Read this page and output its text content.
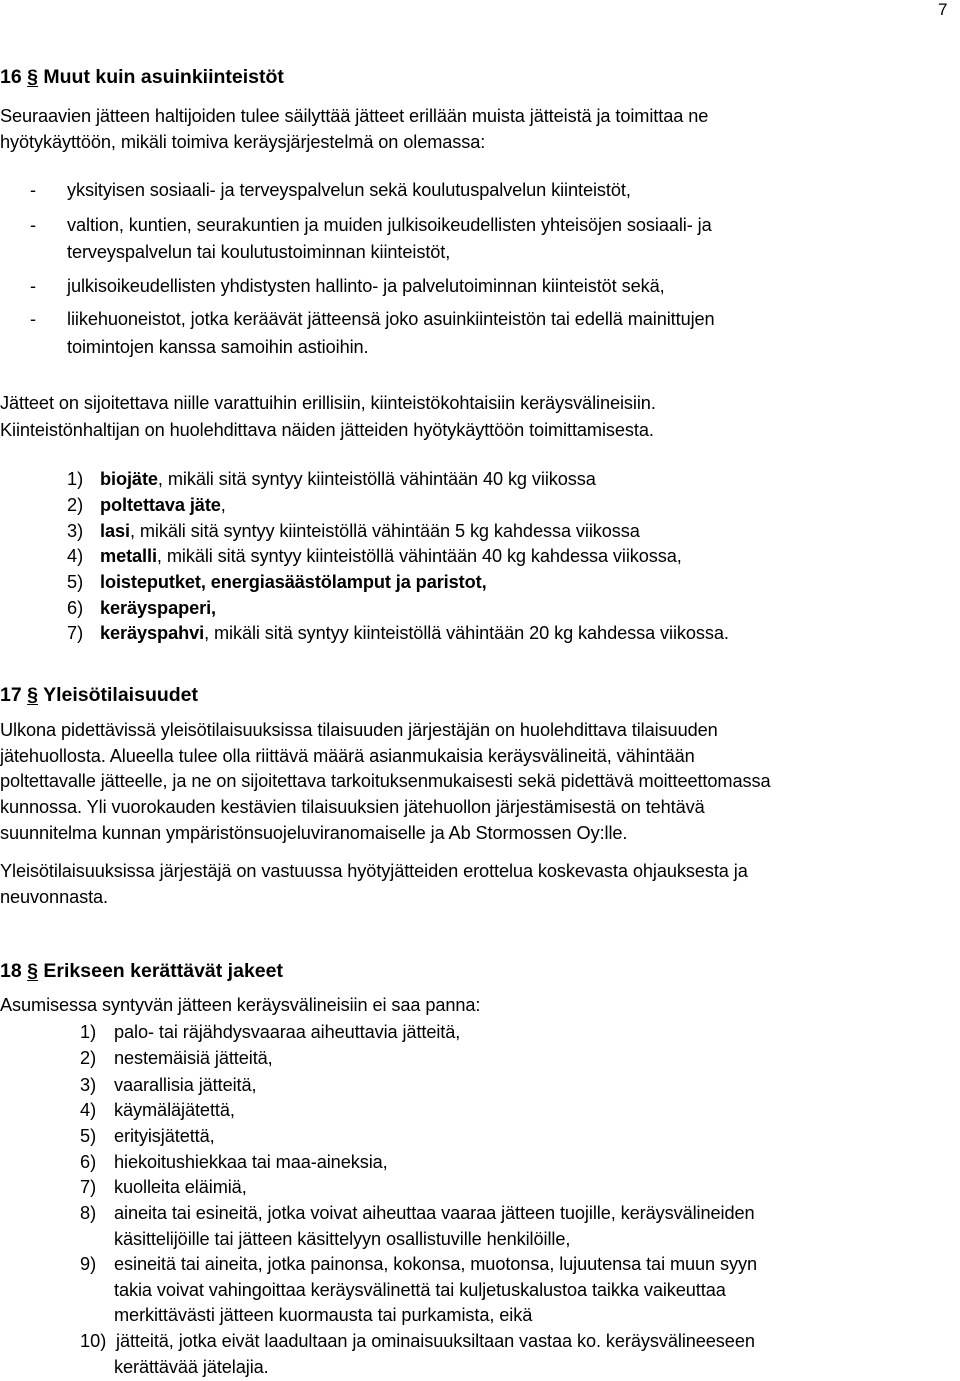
7
16 § Muut kuin asuinkiinteistöt
Seuraavien jätteen haltijoiden tulee säilyttää jätteet erillään muista jätteistä ja toimittaa ne
hyötykäyttöön, mikäli toimiva keräysjärjestelmä on olemassa:
- yksityisen sosiaali- ja terveyspalvelun sekä koulutuspalvelun kiinteistöt,
- valtion, kuntien, seurakuntien ja muiden julkisoikeudellisten yhteisöjen sosiaali- ja
terveyspalvelun tai koulutustoiminnan kiinteistöt,
- julkisoikeudellisten yhdistysten hallinto- ja palvelutoiminnan kiinteistöt sekä,
- liikehuoneistot, jotka keräävät jätteensä joko asuinkiinteistön tai edellä mainittujen
toimintojen kanssa samoihin astioihin.
Jätteet on sijoitettava niille varattuihin erillisiin, kiinteistökohtaisiin keräysvälineisiin.
Kiinteistönhaltijan on huolehdittava näiden jätteiden hyötykäyttöön toimittamisesta.
1) biojäte, mikäli sitä syntyy kiinteistöllä vähintään 40 kg viikossa
2) poltettava jäte,
3) lasi, mikäli sitä syntyy kiinteistöllä vähintään 5 kg kahdessa viikossa
4) metalli, mikäli sitä syntyy kiinteistöllä vähintään 40 kg kahdessa viikossa,
5) loisteputket, energiasäästölamput ja paristot,
6) keräyspaperi,
7) keräyspahvi, mikäli sitä syntyy kiinteistöllä vähintään 20 kg kahdessa viikossa.
17 § Yleisötilaisuudet
Ulkona pidettävissä yleisötilaisuuksissa tilaisuuden järjestäjän on huolehdittava tilaisuuden
jätehuollosta. Alueella tulee olla riittävä määrä asianmukaisia keräysvälineitä, vähintään
poltettavalle jätteelle, ja ne on sijoitettava tarkoituksenmukaisesti sekä pidettävä moitteettomassa
kunnossa. Yli vuorokauden kestävien tilaisuuksien jätehuollon järjestämisestä on tehtävä
suunnitelma kunnan ympäristönsuojeluviranomaiselle ja Ab Stormossen Oy:lle.
Yleisötilaisuuksissa järjestäjä on vastuussa hyötyjätteiden erottelua koskevasta ohjauksesta ja
neuvonnasta.
18 § Erikseen kerättävät jakeet
Asumisessa syntyvän jätteen keräysvälineisiin ei saa panna:
1) palo- tai räjähdysvaaraa aiheuttavia jätteitä,
2) nestemäisiä jätteitä,
3) vaarallisia jätteitä,
4) käymäläjätettä,
5) erityisjätettä,
6) hiekoitushiekkaa tai maa-aineksia,
7) kuolleita eläimiä,
8) aineita tai esineitä, jotka voivat aiheuttaa vaaraa jätteen tuojille, keräysvälineiden
käsittelijöille tai jätteen käsittelyyn osallistuville henkilöille,
9) esineitä tai aineita, jotka painonsa, kokonsa, muotonsa, lujuutensa tai muun syyn
takia voivat vahingoittaa keräysvälinettä tai kuljetuskalustoa taikka vaikeuttaa
merkittävästi jätteen kuormausta tai purkamista, eikä
10) jätteitä, jotka eivät laadultaan ja ominaisuuksiltaan vastaa ko. keräysvälineeseen
kerättävää jätelajia.
